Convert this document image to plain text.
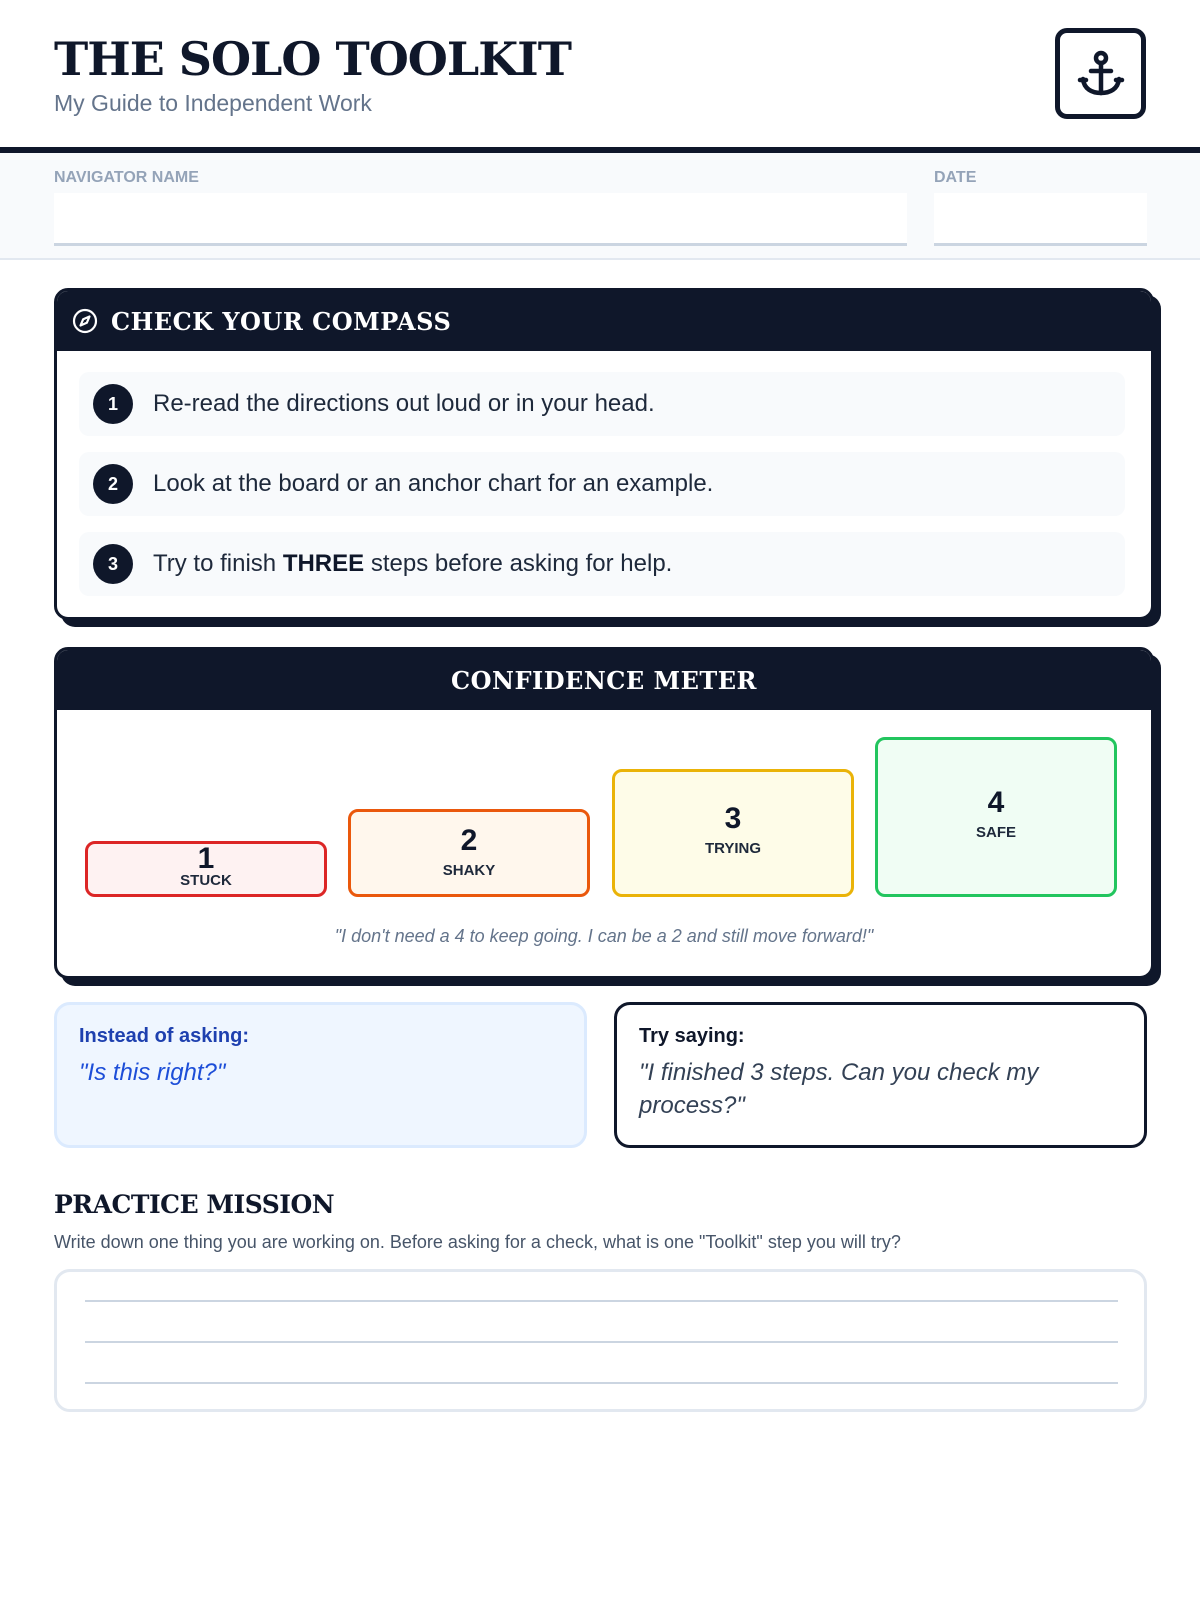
THE SOLO TOOLKIT
My Guide to Independent Work
NAVIGATOR NAME	DATE
CHECK YOUR COMPASS
1	Re-read the directions out loud or in your head.
2	Look at the board or an anchor chart for an example.
3	Try to finish THREE steps before asking for help.
CONFIDENCE METER
1
STUCK
2
SHAKY
3
TRYING
4
SAFE
"I don't need a 4 to keep going. I can be a 2 and still move forward!"
Instead of asking:
"Is this right?"
Try saying:
"I finished 3 steps. Can you check my process?"
PRACTICE MISSION
Write down one thing you are working on. Before asking for a check, what is one "Toolkit" step you will try?
